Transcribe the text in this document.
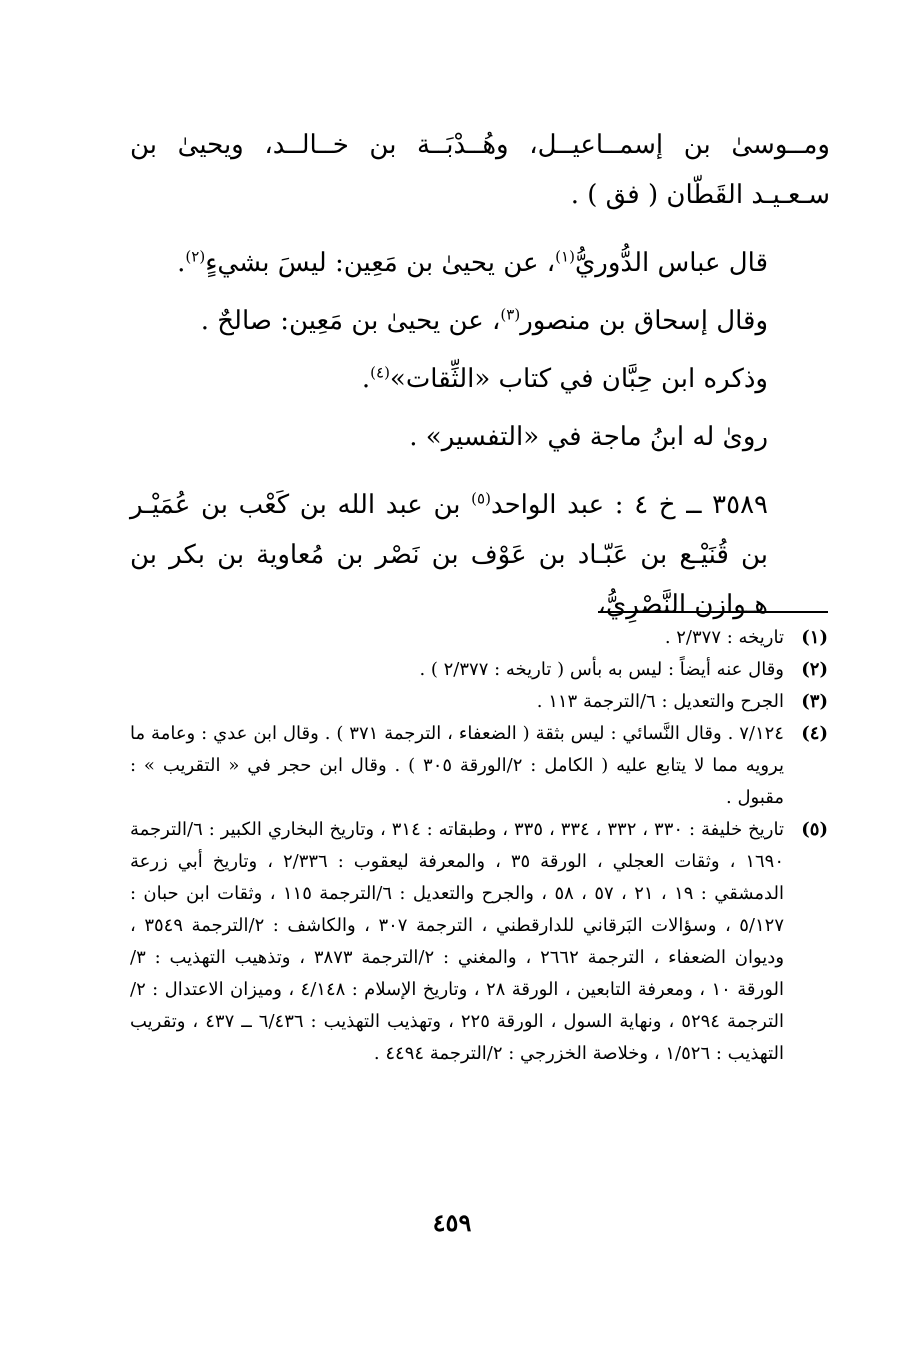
ومــوسىٰ بن إسمــاعيــل، وهُــدْبَــة بن خــالــد، ويحيىٰ بن سـعـيـد القَطّان ( فق ) .

قال عباس الدُّوريُّ$^{(١)}$، عن يحيىٰ بن مَعِين: ليسَ بشيءٍ$^{(٢)}$.

وقال إسحاق بن منصور$^{(٣)}$، عن يحيىٰ بن مَعِين: صالحٌ .

وذكره ابن حِبَّان في كتاب «الثِّقات»$^{(٤)}$.

روىٰ له ابنُ ماجة في «التفسير» .

٣٥٨٩ ــ خ ٤ : عبد الواحد$^{(٥)}$ بن عبد الله بن كَعْب بن عُمَيْـر بن قُنَيْـع بن عَبّـاد بن عَوْف بن نَصْر بن مُعاوية بن بكر بن هـوازن النَّصْرِيُّ،

(١)
تاريخه : ٢/٣٧٧ .
(٢)
وقال عنه أيضاً : ليس به بأس ( تاريخه : ٢/٣٧٧ ) .
(٣)
الجرح والتعديل : ٦/الترجمة ١١٣ .
(٤)
٧/١٢٤ . وقال النَّسائي : ليس بثقة ( الضعفاء ، الترجمة ٣٧١ ) . وقال ابن عدي : وعامة ما يرويه مما لا يتابع عليه ( الكامل : ٢/الورقة ٣٠٥ ) . وقال ابن حجر في « التقريب » : مقبول .
(٥)
تاريخ خليفة : ٣٣٠ ، ٣٣٢ ، ٣٣٤ ، ٣٣٥ ، وطبقاته : ٣١٤ ، وتاريخ البخاري الكبير : ٦/الترجمة ١٦٩٠ ، وثقات العجلي ، الورقة ٣٥ ، والمعرفة ليعقوب : ٢/٣٣٦ ، وتاريخ أبي زرعة الدمشقي : ١٩ ، ٢١ ، ٥٧ ، ٥٨ ، والجرح والتعديل : ٦/الترجمة ١١٥ ، وثقات ابن حبان : ٥/١٢٧ ، وسؤالات البَرقاني للدارقطني ، الترجمة ٣٠٧ ، والكاشف : ٢/الترجمة ٣٥٤٩ ، وديوان الضعفاء ، الترجمة ٢٦٦٢ ، والمغني : ٢/الترجمة ٣٨٧٣ ، وتذهيب التهذيب : ٣/الورقة ١٠ ، ومعرفة التابعين ، الورقة ٢٨ ، وتاريخ الإسلام : ٤/١٤٨ ، وميزان الاعتدال : ٢/الترجمة ٥٢٩٤ ، ونهاية السول ، الورقة ٢٢٥ ، وتهذيب التهذيب : ٦/٤٣٦ ــ ٤٣٧ ، وتقريب التهذيب : ١/٥٢٦ ، وخلاصة الخزرجي : ٢/الترجمة ٤٤٩٤ .
٤٥٩
